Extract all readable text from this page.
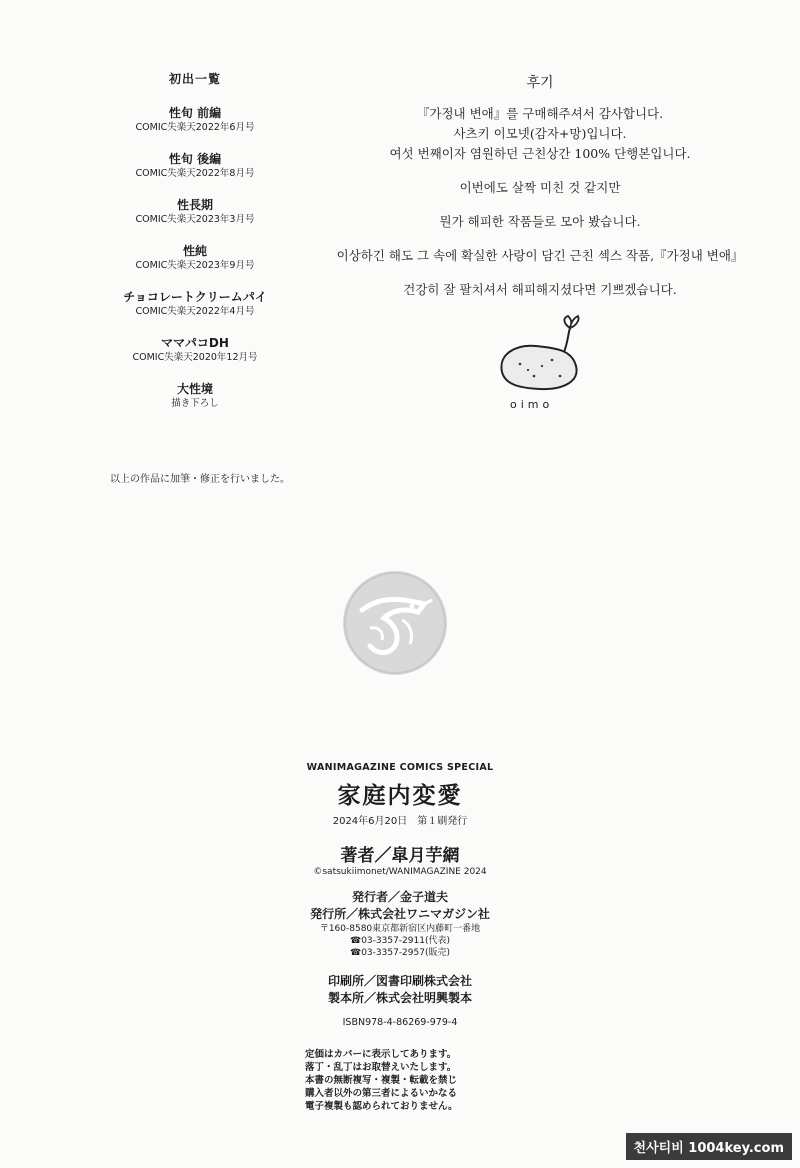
初出一覧
性旬 前編
COMIC失楽天2022年6月号
性旬 後編
COMIC失楽天2022年8月号
性長期
COMIC失楽天2023年3月号
性純
COMIC失楽天2023年9月号
チョコレートクリームパイ
COMIC失楽天2022年4月号
ママパコDH
COMIC失楽天2020年12月号
大性境
描き下ろし
以上の作品に加筆・修正を行いました。
후기
『가정내 변애』를 구매해주셔서 감사합니다.
사츠키 이모넷(감자+망)입니다.
여섯 번째이자 염원하던 근친상간 100% 단행본입니다.
이번에도 살짝 미친 것 같지만
뭔가 해피한 작품들로 모아 봤습니다.
이상하긴 해도 그 속에 확실한 사랑이 담긴 근친 섹스 작품,『가정내 변애』
건강히 잘 팔치셔서 해피해지셨다면 기쁘겠습니다.
oimo
WANIMAGAZINE COMICS SPECIAL
家庭内変愛
2024年6月20日　第１刷発行
著者／皐月芋網
©satsukiimonet/WANIMAGAZINE 2024
発行者／金子道夫
発行所／株式会社ワニマガジン社
〒160-8580東京都新宿区内藤町一番地
☎03-3357-2911(代表)
☎03-3357-2957(販売)
印刷所／図書印刷株式会社
製本所／株式会社明興製本
ISBN978-4-86269-979-4
定価はカバーに表示してあります。
落丁・乱丁はお取替えいたします。
本書の無断複写・複製・転載を禁じ
購入者以外の第三者によるいかなる
電子複製も認められておりません。
천사티비 1004key.com
